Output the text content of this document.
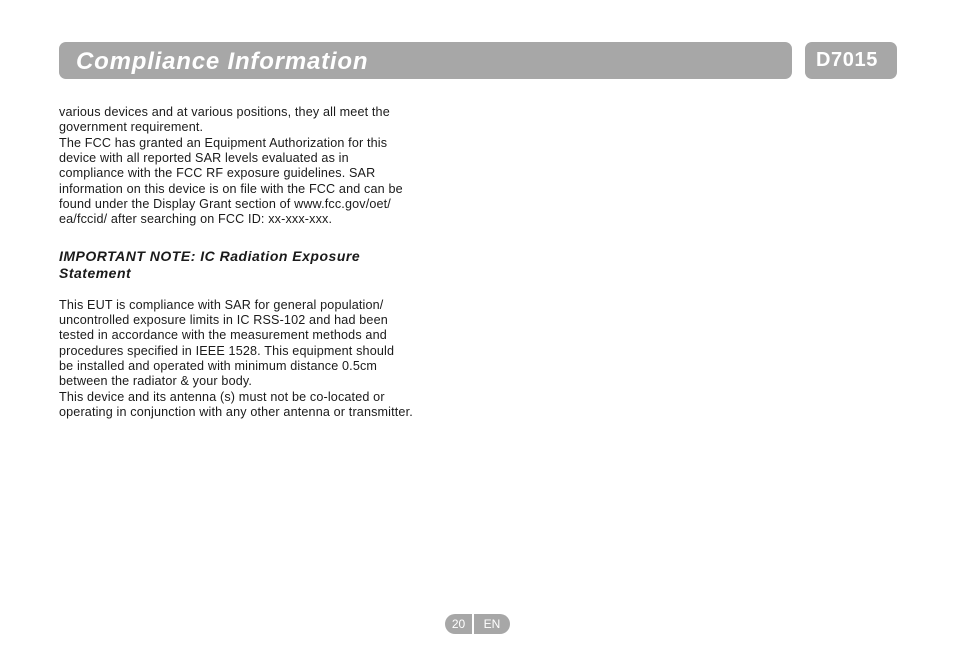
Compliance Information	D7015

various devices and at various positions, they all meet the
government requirement.
The FCC has granted an Equipment Authorization for this
device with all reported SAR levels evaluated as in
compliance with the FCC RF exposure guidelines. SAR
information on this device is on file with the FCC and can be
found under the Display Grant section of www.fcc.gov/oet/
ea/fccid/ after searching on FCC ID: xx-xxx-xxx.

IMPORTANT NOTE: IC Radiation Exposure
Statement

This EUT is compliance with SAR for general population/
uncontrolled exposure limits in IC RSS-102 and had been
tested in accordance with the measurement methods and
procedures specified in IEEE 1528. This equipment should
be installed and operated with minimum distance 0.5cm
between the radiator & your body.
This device and its antenna (s) must not be co-located or
operating in conjunction with any other antenna or transmitter.

20	EN
